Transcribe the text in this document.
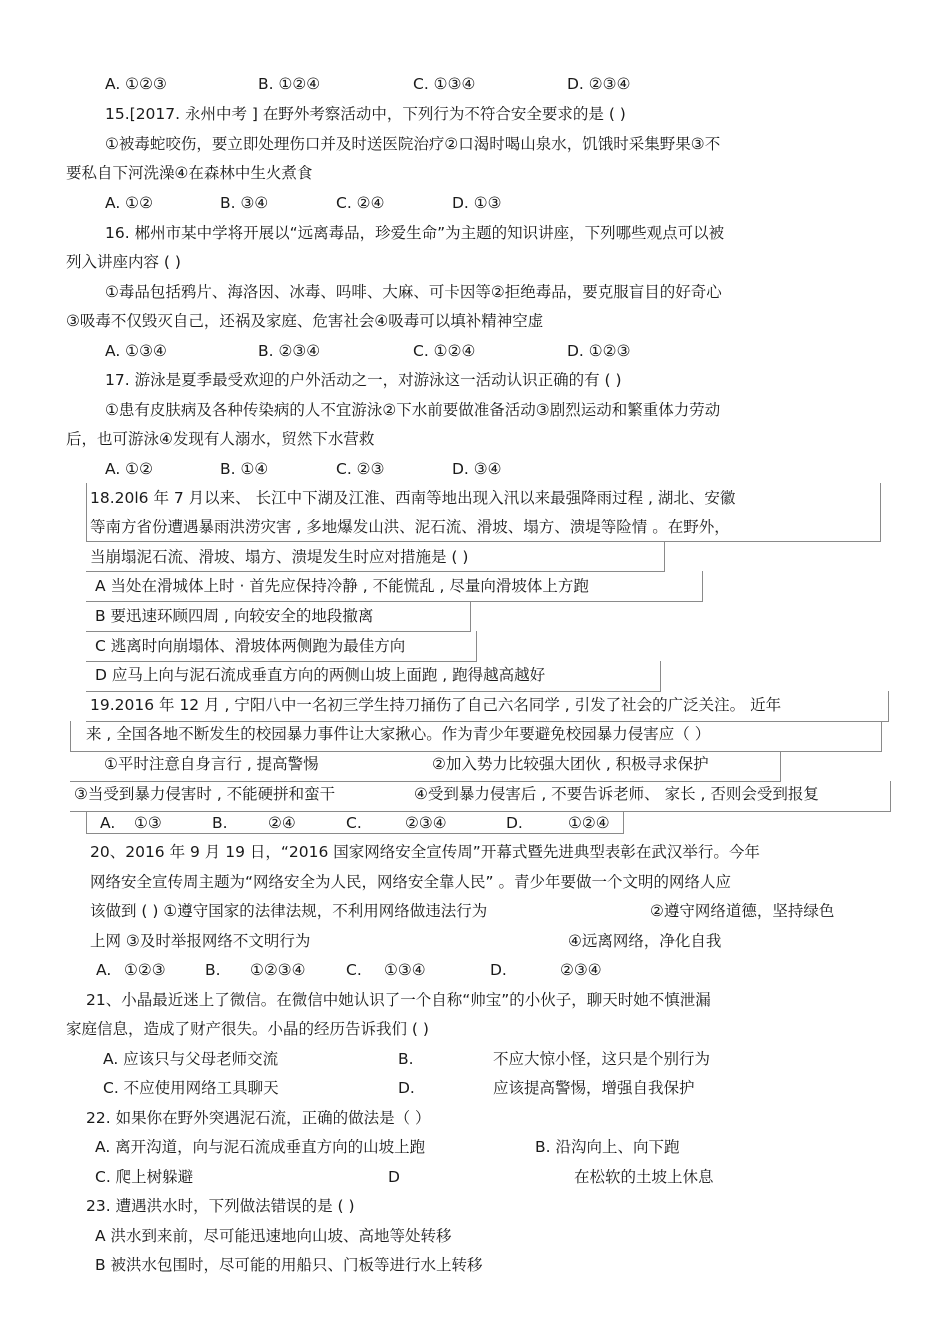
A. ①②③	B. ①②④	C. ①③④	D. ②③④
15.[2017. 永州中考 ] 在野外考察活动中，下列行为不符合安全要求的是 ( )
①被毒蛇咬伤，要立即处理伤口并及时送医院治疗②口渴时喝山泉水，饥饿时采集野果③不
要私自下河洗澡④在森林中生火煮食
A. ①②	B. ③④	C. ②④	D. ①③
16. 郴州市某中学将开展以“远离毒品，珍爱生命”为主题的知识讲座，下列哪些观点可以被
列入讲座内容 ( )
①毒品包括鸦片、海洛因、冰毒、吗啡、大麻、可卡因等②拒绝毒品，要克服盲目的好奇心
③吸毒不仅毁灭自己，还祸及家庭、危害社会④吸毒可以填补精神空虚
A. ①③④	B. ②③④	C. ①②④	D. ①②③
17. 游泳是夏季最受欢迎的户外活动之一，对游泳这一活动认识正确的有 ( )
①患有皮肤病及各种传染病的人不宜游泳②下水前要做准备活动③剧烈运动和繁重体力劳动
后，也可游泳④发现有人溺水，贸然下水营救
A. ①②	B. ①④	C. ②③	D. ③④
18.20l6 年 7 月以来、 长江中下湖及江淮、西南等地出现入汛以来最强降雨过程 , 湖北、安徽
等南方省份遭遇暴雨洪涝灾害 , 多地爆发山洪、泥石流、滑坡、塌方、溃堤等险情 。在野外，
当崩塌泥石流、滑坡、塌方、溃堤发生时应对措施是 ( )
A 当处在滑城体上时 · 首先应保持冷静 , 不能慌乱 , 尽量向滑坡体上方跑
B 要迅速环顾四周 , 向较安全的地段撤离
C 逃离时向崩塌体、滑坡体两侧跑为最佳方向
D 应马上向与泥石流成垂直方向的两侧山坡上面跑 , 跑得越高越好
19.2016 年 12 月 , 宁阳八中一名初三学生持刀捅伤了自己六名同学 , 引发了社会的广泛关注。 近年
来 , 全国各地不断发生的校园暴力事件让大家揪心。作为青少年要避免校园暴力侵害应（ ）
①平时注意自身言行 , 提高警惕	②加入势力比较强大团伙 , 积极寻求保护
③当受到暴力侵害时 , 不能硬拼和蛮干	④受到暴力侵害后 , 不要告诉老师、 家长 , 否则会受到报复
A. ①③	B.	②④	C.	②③④	D.	①②④
20、2016 年 9 月 19 日，“2016 国家网络安全宣传周”开幕式暨先进典型表彰在武汉举行。今年
网络安全宣传周主题为“网络安全为人民，网络安全靠人民” 。青少年要做一个文明的网络人应
该做到 ( ) ①遵守国家的法律法规，不利用网络做违法行为	②遵守网络道德，坚持绿色
上网 ③及时举报网络不文明行为	④远离网络，净化自我
A. ①②③	B. ①②③④	C. ①③④	D.	②③④
21、小晶最近迷上了微信。在微信中她认识了一个自称“帅宝”的小伙子，聊天时她不慎泄漏
家庭信息，造成了财产很失。小晶的经历告诉我们 ( )
A. 应该只与父母老师交流	B.	不应大惊小怪，这只是个别行为
C. 不应使用网络工具聊天	D.	应该提高警惕，增强自我保护
22. 如果你在野外突遇泥石流，正确的做法是（ ）
A. 离开沟道，向与泥石流成垂直方向的山坡上跑	B. 沿沟向上、向下跑
C. 爬上树躲避	D	在松软的土坡上休息
23. 遭遇洪水时，下列做法错误的是 ( )
A 洪水到来前，尽可能迅速地向山坡、高地等处转移
B 被洪水包围时，尽可能的用船只、门板等进行水上转移
